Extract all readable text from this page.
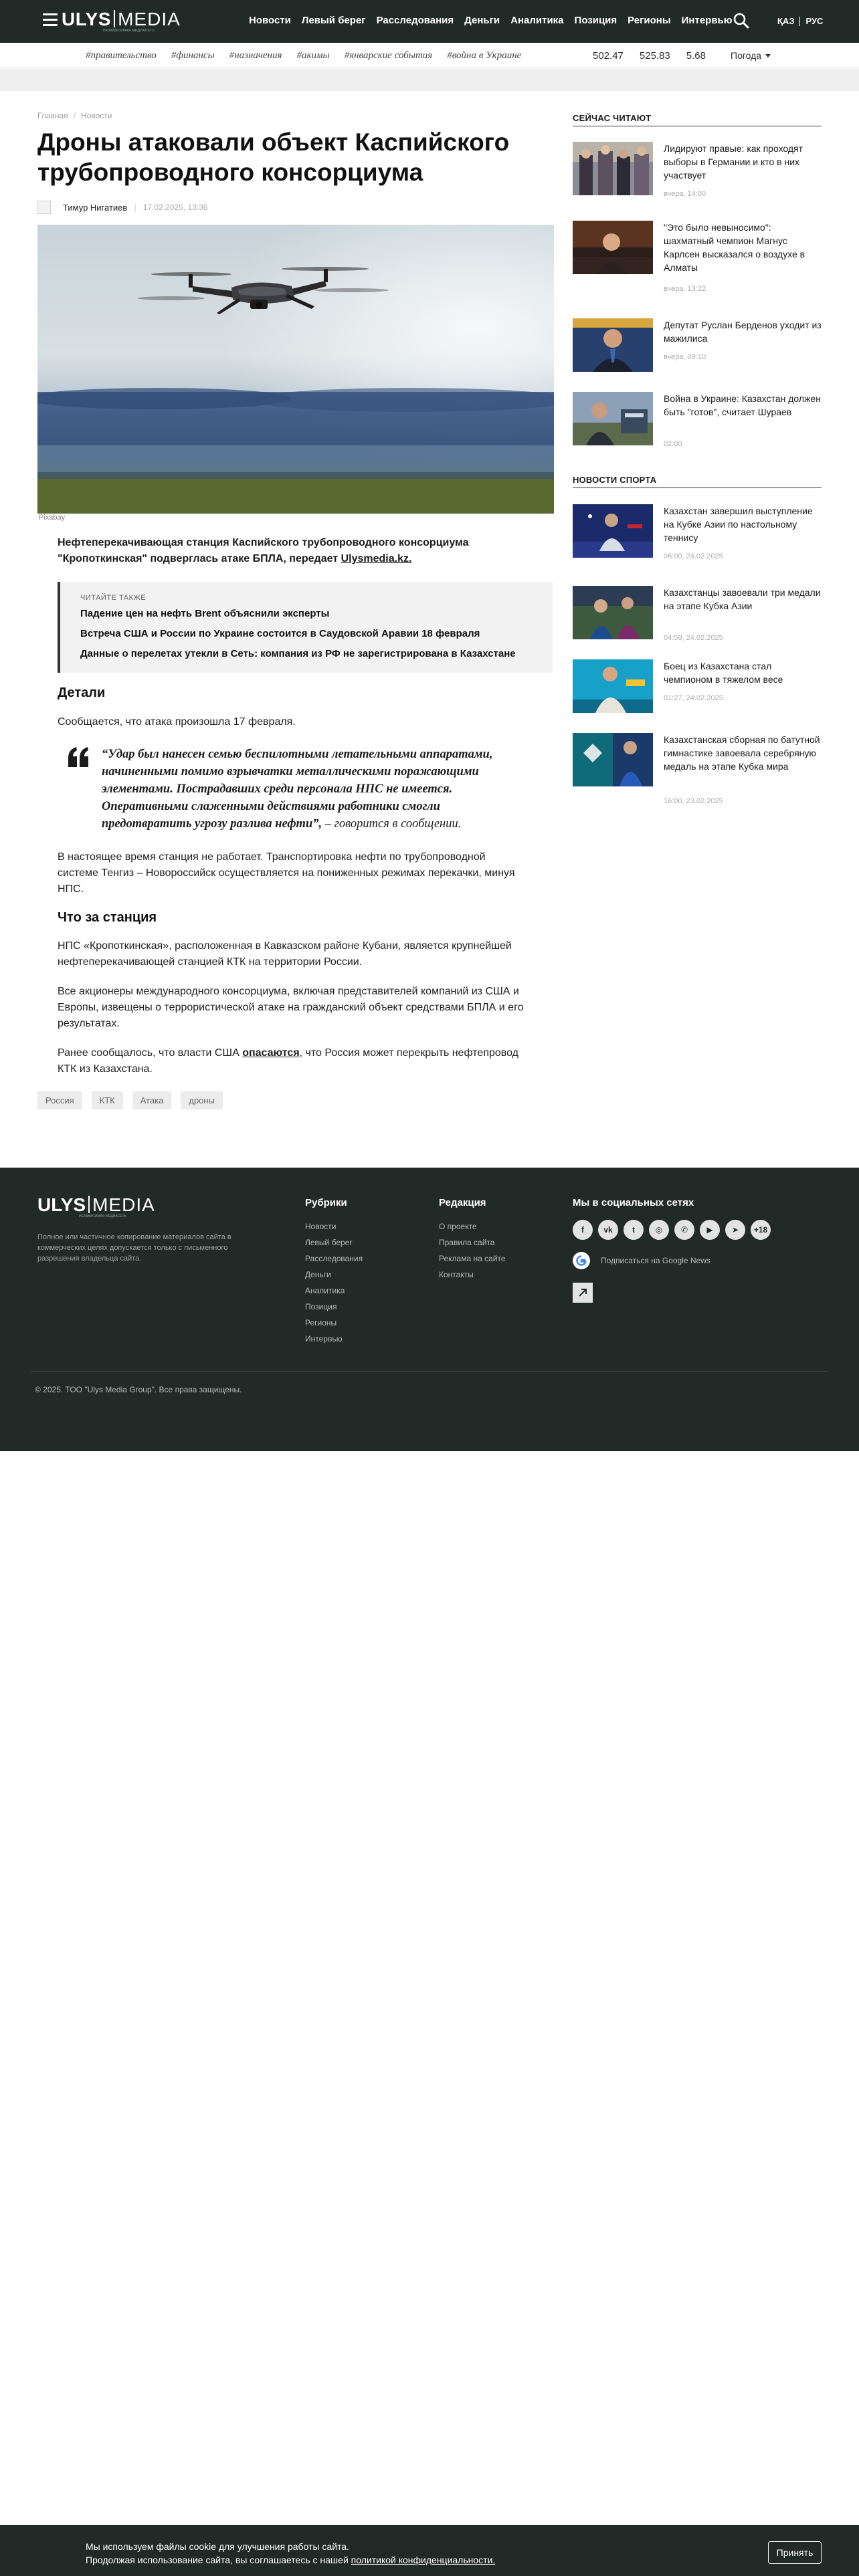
ULYS MEDIA
НЕЗАВИСИМАЯ МЕДИАСЕТЬ
Новости Левый берег Расследования Деньги Аналитика Позиция Регионы Интервью	ҚАЗ РУС
#правительство #финансы #назначения #акимы #январские события #война в Украине	502.47 525.83 5.68	Погода
Главная / Новости
Дроны атаковали объект Каспийского трубопроводного консорциума
Тимур Нигатиев | 17.02.2025, 13:36
Pixabay

Нефтеперекачивающая станция Каспийского трубопроводного консорциума "Кропоткинская" подверглась атаке БПЛА, передает Ulysmedia.kz.

ЧИТАЙТЕ ТАКЖЕ
Падение цен на нефть Brent объяснили эксперты
Встреча США и России по Украине состоится в Саудовской Аравии 18 февраля
Данные о перелетах утекли в Сеть: компания из РФ не зарегистрирована в Казахстане
Детали

Сообщается, что атака произошла 17 февраля.

“Удар был нанесен семью беспилотными летательными аппаратами, начиненными помимо взрывчатки металлическими поражающими элементами. Пострадавших среди персонала НПС не имеется. Оперативными слаженными действиями работники смогли предотвратить угрозу разлива нефти”, – говорится в сообщении.

В настоящее время станция не работает. Транспортировка нефти по трубопроводной системе Тенгиз – Новороссийск осуществляется на пониженных режимах перекачки, минуя НПС.

Что за станция

НПС «Кропоткинская», расположенная в Кавказском районе Кубани, является крупнейшей нефтеперекачивающей станцией КТК на территории России.

Все акционеры международного консорциума, включая представителей компаний из США и Европы, извещены о террористической атаке на гражданский объект средствами БПЛА и его результатах.

Ранее сообщалось, что власти США опасаются, что Россия может перекрыть нефтепровод КТК из Казахстана.

Россия	КТК	Атака	дроны
СЕЙЧАС ЧИТАЮТ
Лидируют правые: как проходят выборы в Германии и кто в них участвует
вчера, 14:00
"Это было невыносимо": шахматный чемпион Магнус Карлсен высказался о воздухе в Алматы
вчера, 13:22
Депутат Руслан Берденов уходит из мажилиса
вчера, 09:10
Война в Украине: Казахстан должен быть "готов", считает Шураев
02:00
НОВОСТИ СПОРТА
Казахстан завершил выступление на Кубке Азии по настольному теннису
06:00, 24.02.2025
Казахстанцы завоевали три медали на этапе Кубка Азии
04:59, 24.02.2025
Боец из Казахстана стал чемпионом в тяжелом весе
01:27, 24.02.2025
Казахстанская сборная по батутной гимнастике завоевала серебряную медаль на этапе Кубка мира
16:00, 23.02.2025
ULYS MEDIA
НЕЗАВИСИМАЯ МЕДИАСЕТЬ
Полное или частичное копирование материалов сайта в коммерческих целях допускается только с письменного разрешения владельца сайта.
Рубрики
Новости
Левый берег
Расследования
Деньги
Аналитика
Позиция
Регионы
Интервью
Редакция
О проекте
Правила сайта
Реклама на сайте
Контакты
Мы в социальных сетях
f	vk	t	◎	✆	▶	➤	+18
Подписаться на Google News
© 2025. ТОО "Ulys Media Group". Все права защищены.
Мы используем файлы cookie для улучшения работы сайта.
Продолжая использование сайта, вы соглашаетесь с нашей политикой конфиденциальности.
Принять
